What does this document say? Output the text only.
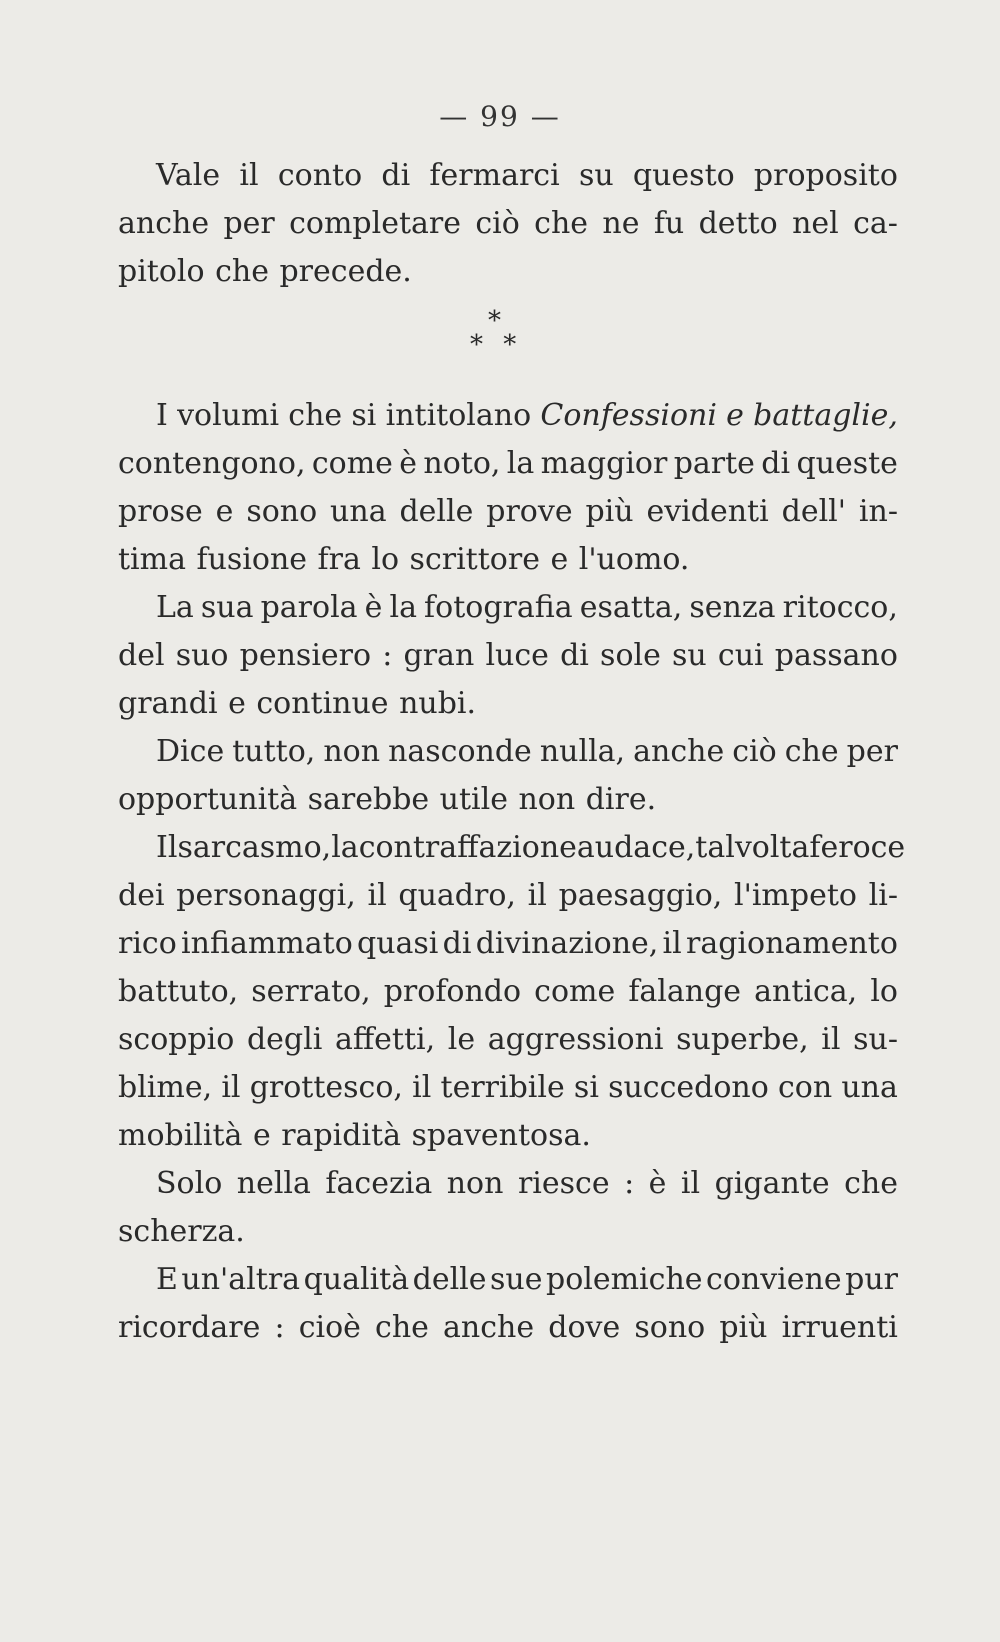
— 99 —
Vale il conto di fermarci su questo proposito
anche per completare ciò che ne fu detto nel ca-
pitolo che precede.
*
* *
I volumi che si intitolano Confessioni e battaglie,
contengono, come è noto, la maggior parte di queste
prose e sono una delle prove più evidenti dell' in-
tima fusione fra lo scrittore e l'uomo.
La sua parola è la fotografia esatta, senza ritocco,
del suo pensiero : gran luce di sole su cui passano
grandi e continue nubi.
Dice tutto, non nasconde nulla, anche ciò che per
opportunità sarebbe utile non dire.
Il sarcasmo, la contraffazione audace, talvolta feroce
dei personaggi, il quadro, il paesaggio, l'impeto li-
rico infiammato quasi di divinazione, il ragionamento
battuto, serrato, profondo come falange antica, lo
scoppio degli affetti, le aggressioni superbe, il su-
blime, il grottesco, il terribile si succedono con una
mobilità e rapidità spaventosa.
Solo nella facezia non riesce : è il gigante che
scherza.
E un'altra qualità delle sue polemiche conviene pur
ricordare : cioè che anche dove sono più irruenti
